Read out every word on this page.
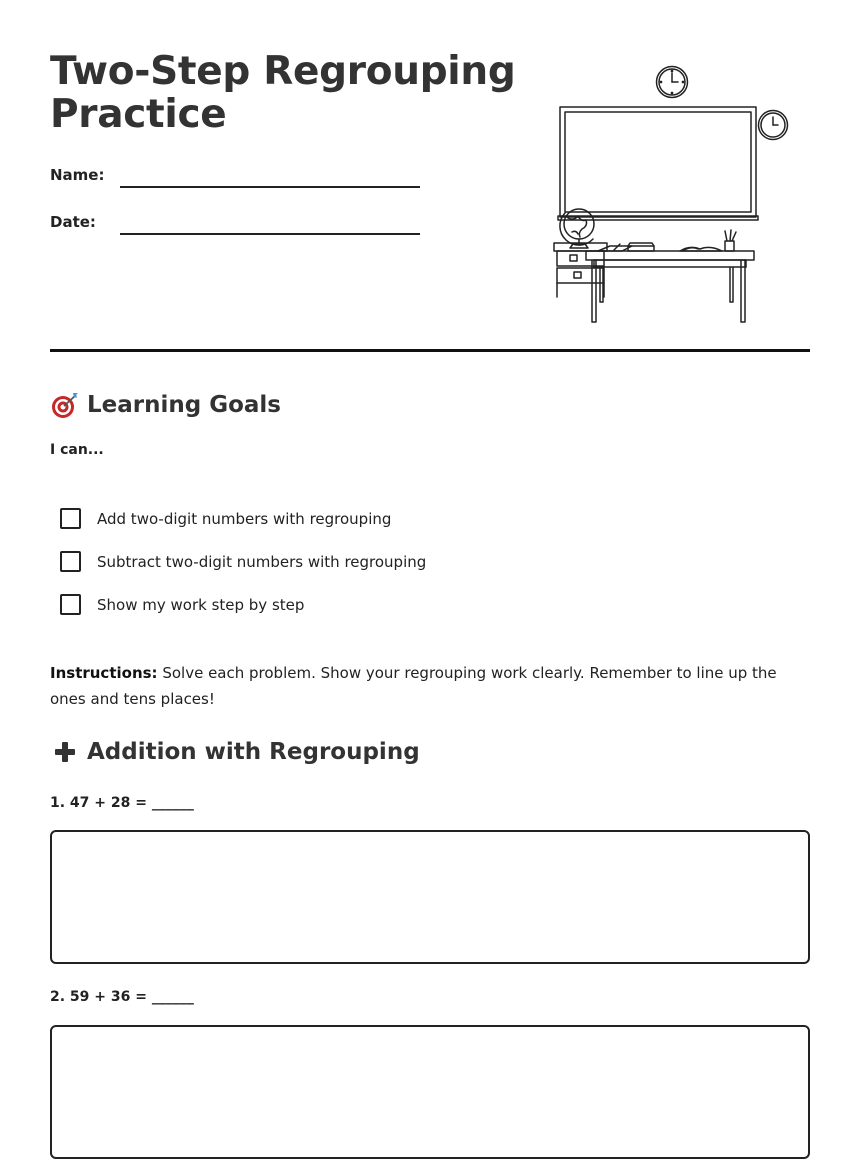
Two-Step Regrouping
Practice
Name:
Date:
Learning Goals
I can...
Add two-digit numbers with regrouping
Subtract two-digit numbers with regrouping
Show my work step by step
Instructions: Solve each problem. Show your regrouping work clearly. Remember to line up the ones and tens places!
Addition with Regrouping
1. 47 + 28 = ______
2. 59 + 36 = ______
